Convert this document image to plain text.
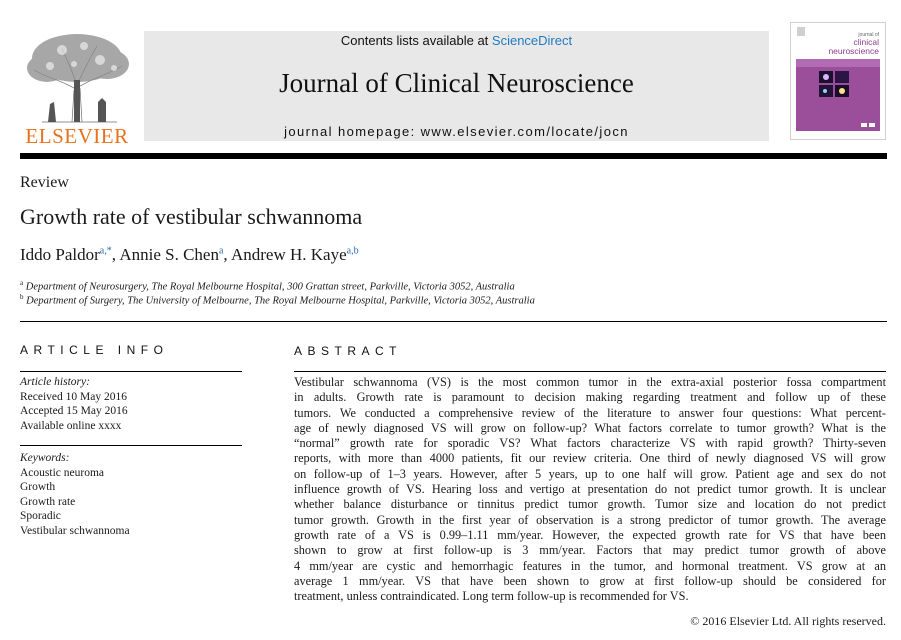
ELSEVIER
Contents lists available at ScienceDirect
Journal of Clinical Neuroscience
journal homepage: www.elsevier.com/locate/jocn
journal of
clinical
neuroscience
Review
Growth rate of vestibular schwannoma
Iddo Paldor$^{a,*}$, Annie S. Chen$^a$, Andrew H. Kaye$^{a,b}$
$^a$ Department of Neurosurgery, The Royal Melbourne Hospital, 300 Grattan street, Parkville, Victoria 3052, Australia
$^b$ Department of Surgery, The University of Melbourne, The Royal Melbourne Hospital, Parkville, Victoria 3052, Australia
ARTICLE INFO
Article history:
Received 10 May 2016
Accepted 15 May 2016
Available online xxxx
Keywords:
Acoustic neuroma
Growth
Growth rate
Sporadic
Vestibular schwannoma
ABSTRACT
Vestibular schwannoma (VS) is the most common tumor in the extra-axial posterior fossa compartment
in adults. Growth rate is paramount to decision making regarding treatment and follow up of these
tumors. We conducted a comprehensive review of the literature to answer four questions: What percent-
age of newly diagnosed VS will grow on follow-up? What factors correlate to tumor growth? What is the
“normal” growth rate for sporadic VS? What factors characterize VS with rapid growth? Thirty-seven
reports, with more than 4000 patients, fit our review criteria. One third of newly diagnosed VS will grow
on follow-up of 1–3 years. However, after 5 years, up to one half will grow. Patient age and sex do not
influence growth of VS. Hearing loss and vertigo at presentation do not predict tumor growth. It is unclear
whether balance disturbance or tinnitus predict tumor growth. Tumor size and location do not predict
tumor growth. Growth in the first year of observation is a strong predictor of tumor growth. The average
growth rate of a VS is 0.99–1.11 mm/year. However, the expected growth rate for VS that have been
shown to grow at first follow-up is 3 mm/year. Factors that may predict tumor growth of above
4 mm/year are cystic and hemorrhagic features in the tumor, and hormonal treatment. VS grow at an
average 1 mm/year. VS that have been shown to grow at first follow-up should be considered for
treatment, unless contraindicated. Long term follow-up is recommended for VS.
© 2016 Elsevier Ltd. All rights reserved.
